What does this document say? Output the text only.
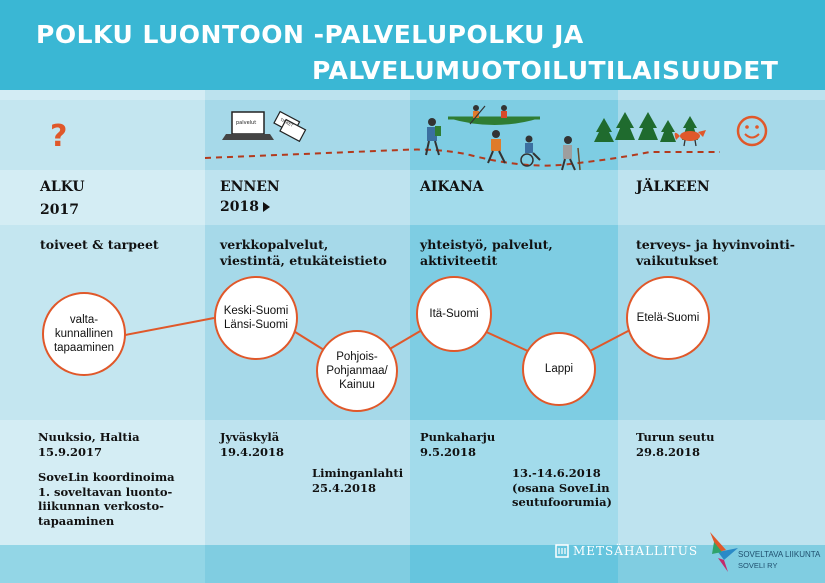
POLKU LUONTOON -PALVELUPOLKU JA
PALVELUMUOTOILUTILAISUUDET
?	palvelut	TICKET
ALKU
2017
ENNEN
2018
AIKANA	JÄLKEEN
toiveet & tarpeet	verkkopalvelut,
viestintä, etukäteistieto
yhteistyö, palvelut,
aktiviteetit
terveys- ja hyvinvointi-
vaikutukset
valta-
kunnallinen
tapaaminen
Keski-Suomi
Länsi-Suomi
Pohjois-
Pohjanmaa/
Kainuu
Itä-Suomi
Lappi
Etelä-Suomi
Nuuksio, Haltia
15.9.2017
SoveLin koordinoima
1. soveltavan luonto-
liikunnan verkosto-
tapaaminen
Jyväskylä
19.4.2018
Liminganlahti
25.4.2018
Punkaharju
9.5.2018
13.-14.6.2018
(osana SoveLin
seutufoorumia)
Turun seutu
29.8.2018
METSÄHALLITUS	SOVELTAVA LIIKUNTA
SOVELI RY
